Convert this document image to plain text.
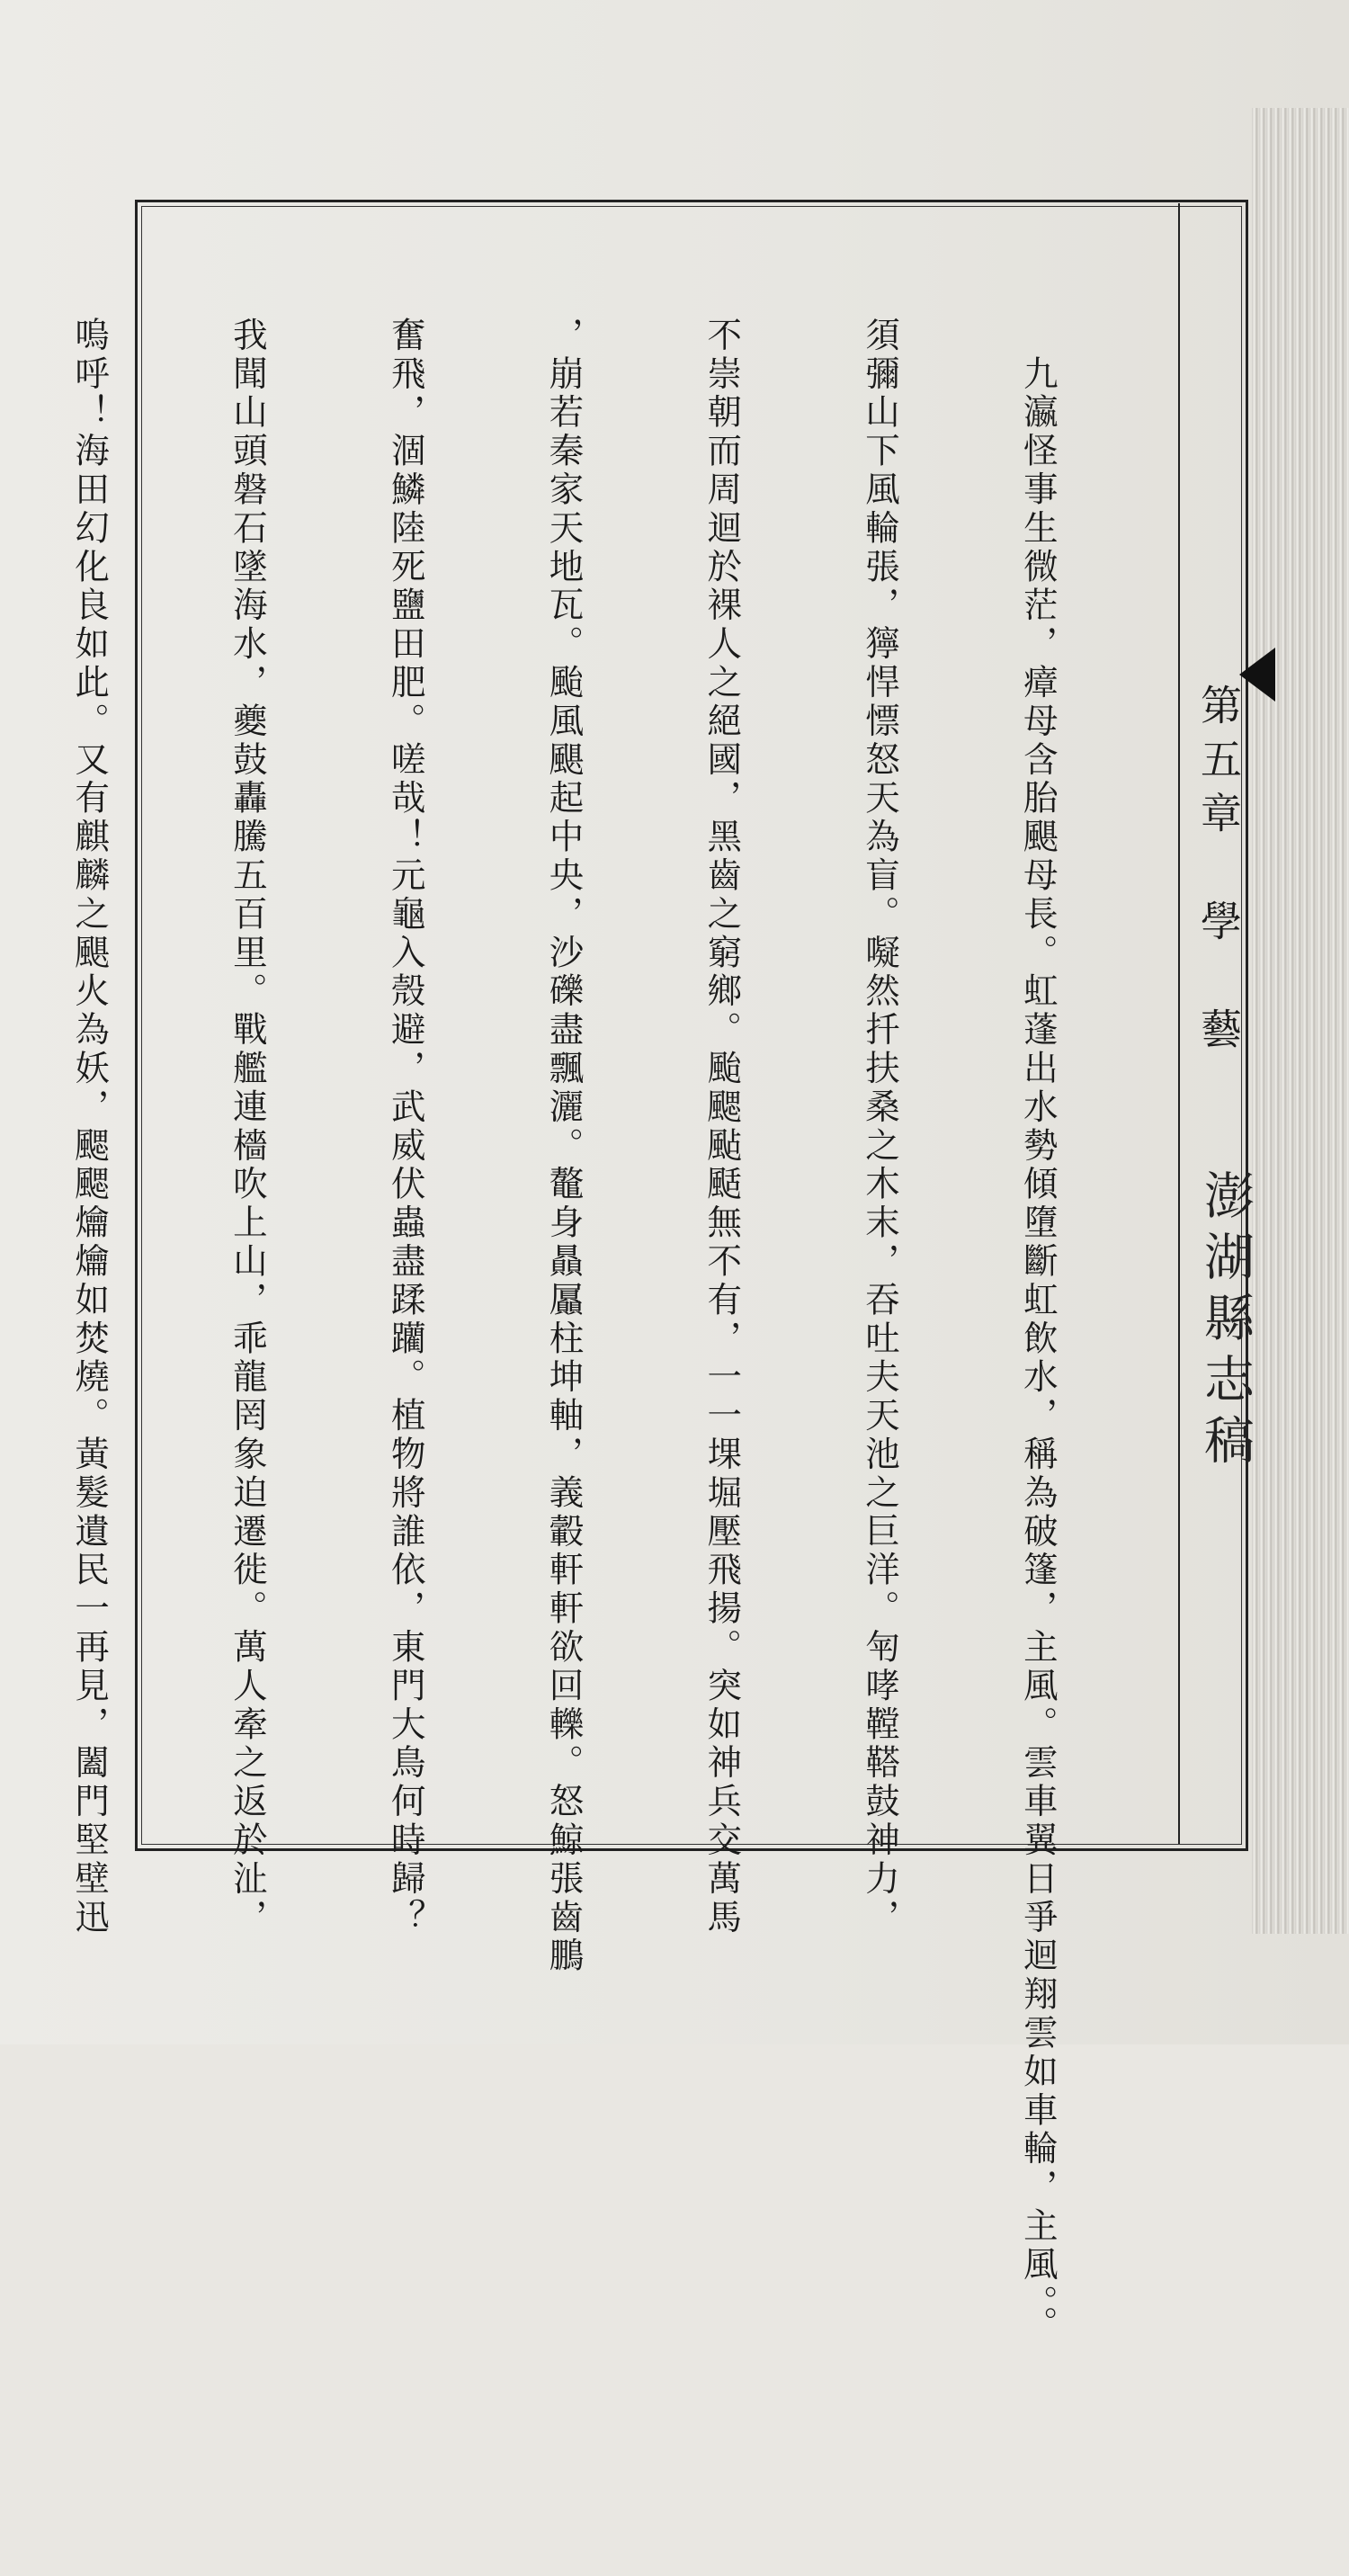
第五章　學　藝
澎湖縣志稿

　九瀛怪事生微茫，瘴母含胎颶母長。虹蓬出水勢傾墮斷虹飲水，稱為破篷，主風。雲車翼日爭迴翔雲如車輪，主風。。

須彌山下風輪張，獰悍慓怒天為盲。㘈然扦扶桑之木末，吞吐夫天池之巨洋。匉哮鞺鞳鼓神力，

不崇朝而周迴於裸人之絕國，黑齒之窮鄉。颱颸颭颳無不有，一一堁堀壓飛揚。突如神兵交萬馬

，崩若秦家天地瓦。颱風颶起中央，沙礫盡飄灑。鼇身贔屭柱坤軸，義轂軒軒欲回轢。怒鯨張齒鵬

奮飛，涸鱗陸死鹽田肥。嗟哉！元龜入殼避，武威伏蟲盡蹂躪。植物將誰依，東門大鳥何時歸？

我聞山頭磐石墜海水，夔鼓轟騰五百里。戰艦連檣吹上山，乖龍罔象迫遷徙。萬人牽之返於沚，

嗚呼！海田幻化良如此。又有麒麟之颶火為妖，颸颸爚爚如焚燒。黃髮遺民一再見，闔門堅壁迅
